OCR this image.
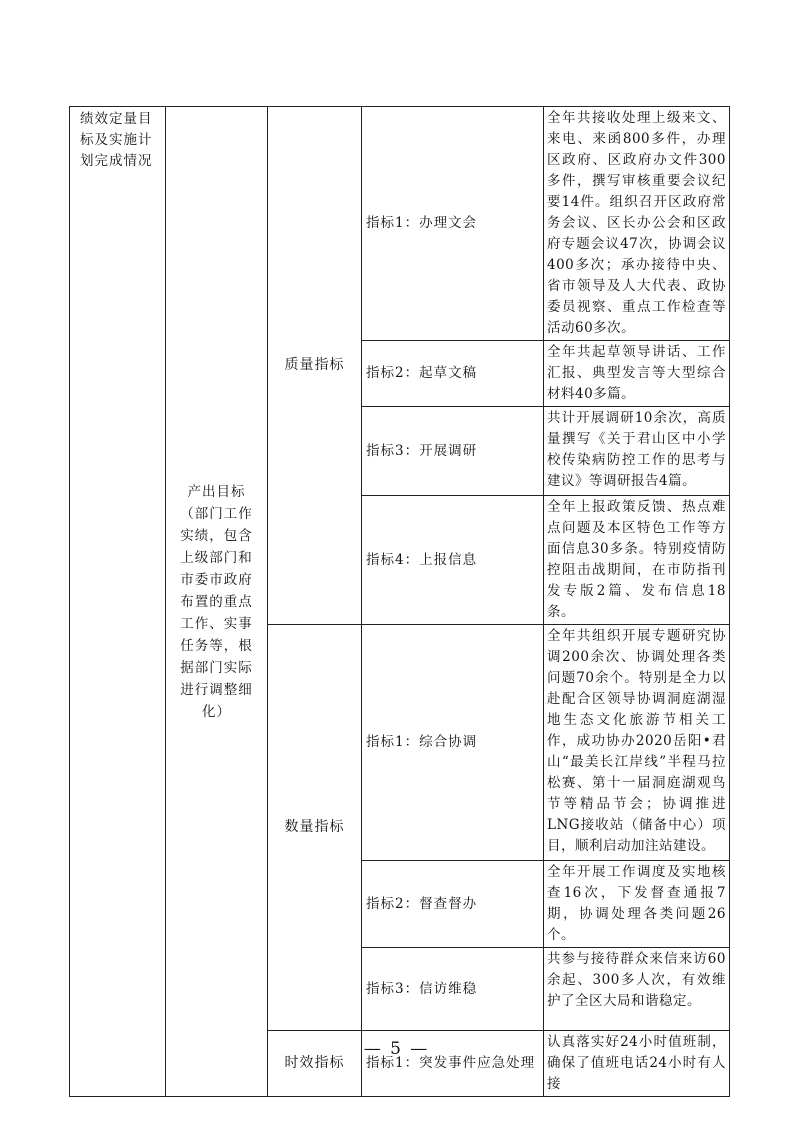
绩效定量目标及实施计划完成情况	产出目标（部门工作实绩，包含上级部门和市委市政府布置的重点工作、实事任务等，根据部门实际进行调整细化）	质量指标	指标1：办理文会	全年共接收处理上级来文、来电、来函800多件，办理区政府、区政府办文件300多件，撰写审核重要会议纪要14件。组织召开区政府常务会议、区长办公会和区政府专题会议47次，协调会议400多次；承办接待中央、省市领导及人大代表、政协委员视察、重点工作检查等活动60多次。
			指标2：起草文稿	全年共起草领导讲话、工作汇报、典型发言等大型综合材料40多篇。
			指标3：开展调研	共计开展调研10余次，高质量撰写《关于君山区中小学校传染病防控工作的思考与建议》等调研报告4篇。
			指标4：上报信息	全年上报政策反馈、热点难点问题及本区特色工作等方面信息30多条。特别疫情防控阻击战期间，在市防指刊发专版2篇、发布信息18条。
		数量指标	指标1：综合协调	全年共组织开展专题研究协调200余次、协调处理各类问题70余个。特别是全力以赴配合区领导协调洞庭湖湿地生态文化旅游节相关工作，成功协办2020岳阳•君山“最美长江岸线”半程马拉松赛、第十一届洞庭湖观鸟节等精品节会；协调推进LNG接收站（储备中心）项目，顺利启动加注站建设。
			指标2：督查督办	全年开展工作调度及实地核查16次，下发督查通报7期，协调处理各类问题26个。
			指标3：信访维稳	共参与接待群众来信来访60余起、300多人次，有效维护了全区大局和谐稳定。
		时效指标	指标1：突发事件应急处理	认真落实好24小时值班制，确保了值班电话24小时有人接
— 5 —
